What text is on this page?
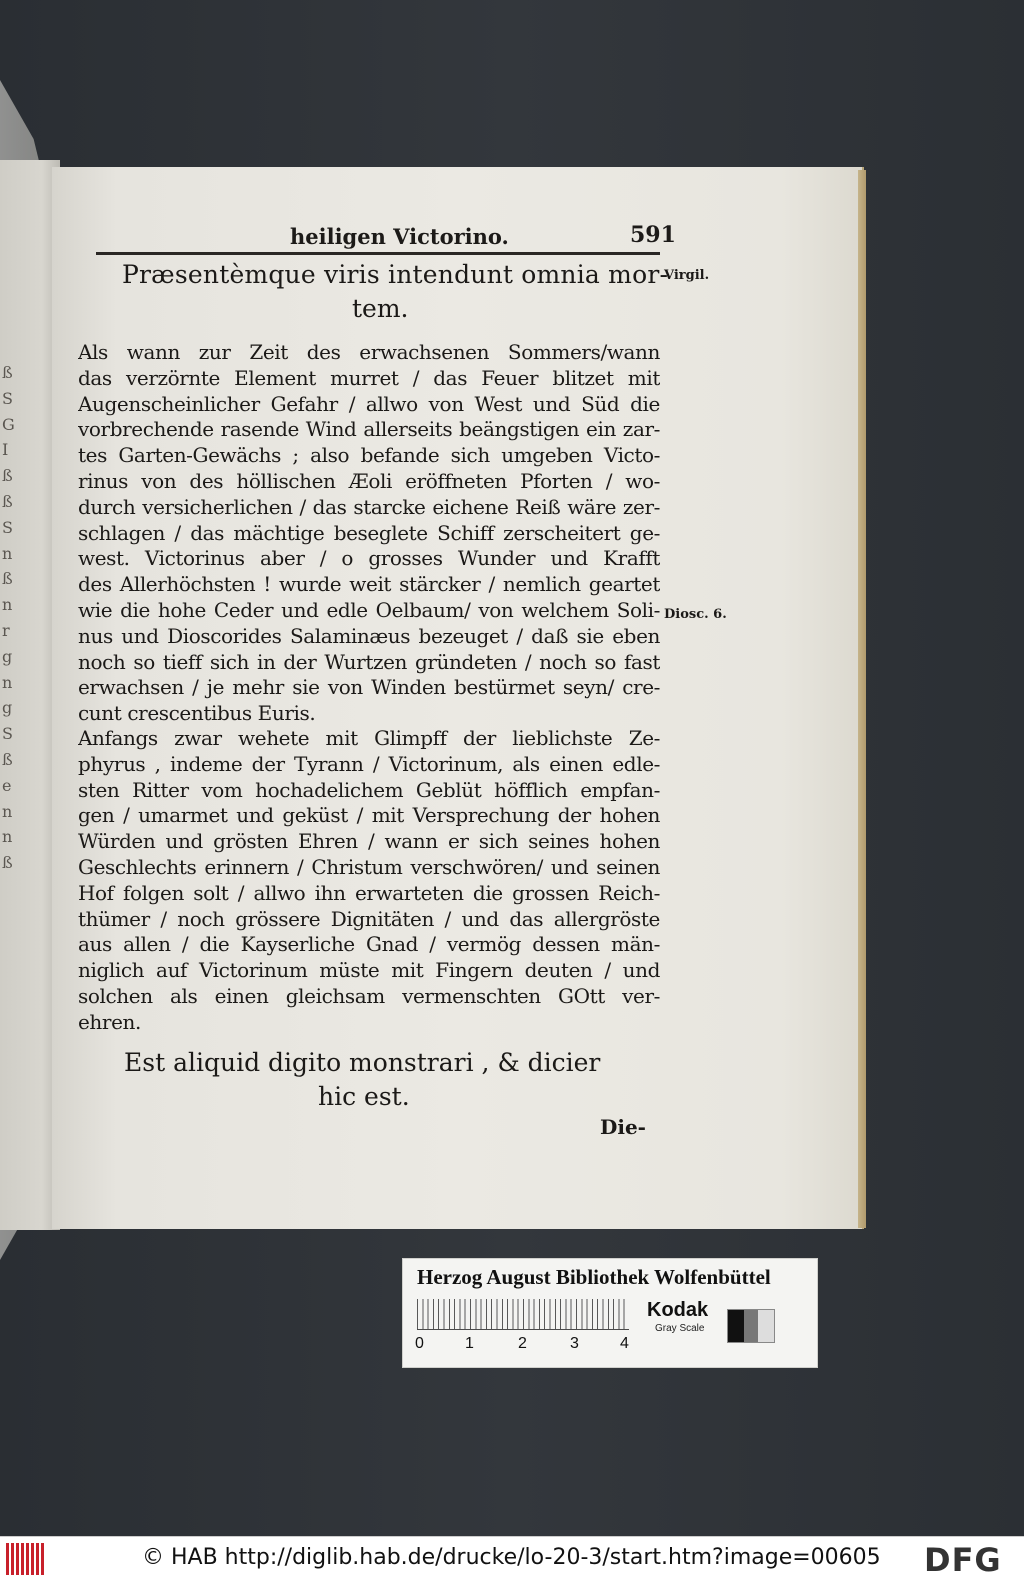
ß
S
G
I
ß
ß
S
n
ß
n
r
g
n
g
S
ß
e
n
n
ß
heiligen Victorino.	591
Præsentèmque viris intendunt omnia mor-
tem.
Virgil.
Als wann zur Zeit des erwachsenen Sommers/wann
das verzörnte Element murret / das Feuer blitzet mit
Augenscheinlicher Gefahr / allwo von West und Süd die
vorbrechende rasende Wind allerseits beängstigen ein zar-
tes Garten-Gewächs ; also befande sich umgeben Victo-
rinus von des höllischen Æoli eröffneten Pforten / wo-
durch versicherlichen / das starcke eichene Reiß wäre zer-
schlagen / das mächtige beseglete Schiff zerscheitert ge-
west. Victorinus aber / o grosses Wunder und Krafft
des Allerhöchsten ! wurde weit stärcker / nemlich geartet
wie die hohe Ceder und edle Oelbaum/ von welchem Soli-
nus und Dioscorides Salaminæus bezeuget / daß sie eben
noch so tieff sich in der Wurtzen gründeten / noch so fast
erwachsen / je mehr sie von Winden bestürmet seyn/ cre-
cunt crescentibus Euris.
Diosc. 6.
Anfangs zwar wehete mit Glimpff der lieblichste Ze-
phyrus , indeme der Tyrann / Victorinum, als einen edle-
sten Ritter vom hochadelichem Geblüt höfflich empfan-
gen / umarmet und geküst / mit Versprechung der hohen
Würden und grösten Ehren / wann er sich seines hohen
Geschlechts erinnern / Christum verschwören/ und seinen
Hof folgen solt / allwo ihn erwarteten die grossen Reich-
thümer / noch grössere Dignitäten / und das allergröste
aus allen / die Kayserliche Gnad / vermög dessen män-
niglich auf Victorinum müste mit Fingern deuten / und
solchen als einen gleichsam vermenschten GOtt ver-
ehren.
Est aliquid digito monstrari , & dicier
hic est.
Die-
Herzog August Bibliothek Wolfenbüttel
0	1	2	3	4
Kodak
Gray Scale
© HAB http://diglib.hab.de/drucke/lo-20-3/start.htm?image=00605 DFG
